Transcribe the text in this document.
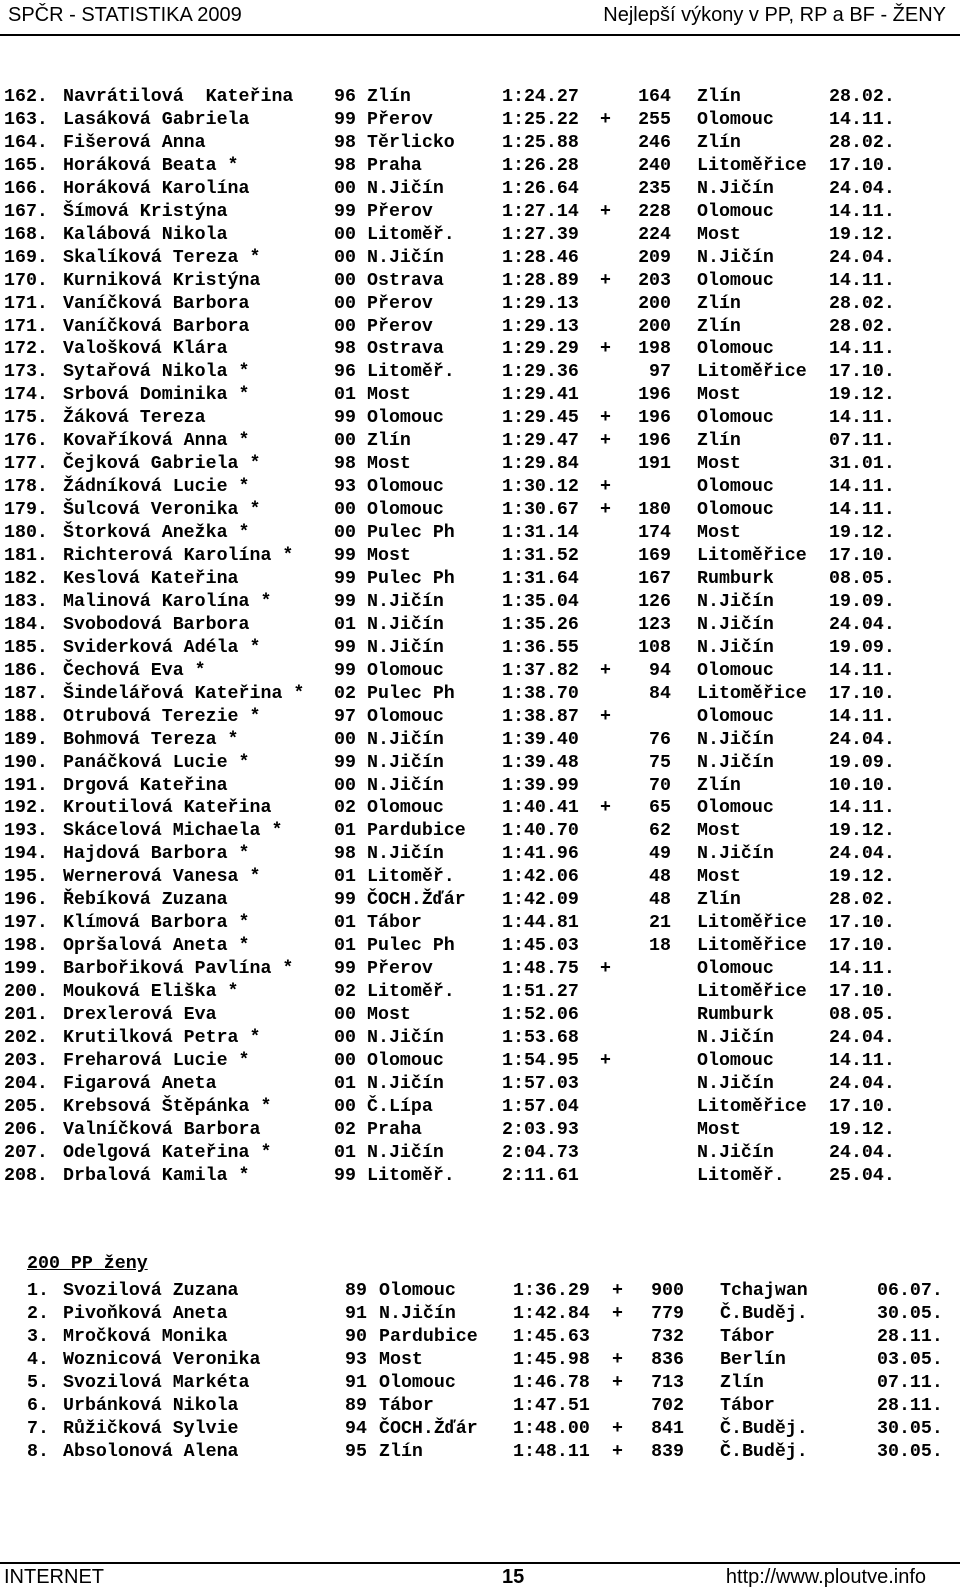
SPČR - STATISTIKA 2009	Nejlepší výkony v PP, RP a BF - ŽENY
162. Navrátilová  Kateřina 96 Zlín	1:24.27	164 Zlín	28.02.
163. Lasáková Gabriela	99 Přerov	1:25.22 + 255 Olomouc	14.11.
164. Fišerová Anna	98 Těrlicko	1:25.88	246 Zlín	28.02.
165. Horáková Beata *	98 Praha	1:26.28	240 Litoměřice 17.10.
166. Horáková Karolína	00 N.Jičín	1:26.64	235 N.Jičín	24.04.
167. Šímová Kristýna	99 Přerov	1:27.14 + 228 Olomouc	14.11.
168. Kalábová Nikola	00 Litoměř.	1:27.39	224 Most	19.12.
169. Skalíková Tereza *	00 N.Jičín	1:28.46	209 N.Jičín	24.04.
170. Kurniková Kristýna	00 Ostrava	1:28.89 + 203 Olomouc	14.11.
171. Vaníčková Barbora	00 Přerov	1:29.13	200 Zlín	28.02.
171. Vaníčková Barbora	00 Přerov	1:29.13	200 Zlín	28.02.
172. Valošková Klára	98 Ostrava	1:29.29 + 198 Olomouc	14.11.
173. Sytařová Nikola *	96 Litoměř.	1:29.36	97 Litoměřice 17.10.
174. Srbová Dominika *	01 Most	1:29.41	196 Most	19.12.
175. Žáková Tereza	99 Olomouc	1:29.45 + 196 Olomouc	14.11.
176. Kovaříková Anna *	00 Zlín	1:29.47 + 196 Zlín	07.11.
177. Čejková Gabriela *	98 Most	1:29.84	191 Most	31.01.
178. Žádníková Lucie *	93 Olomouc	1:30.12 +	Olomouc	14.11.
179. Šulcová Veronika *	00 Olomouc	1:30.67 + 180 Olomouc	14.11.
180. Štorková Anežka *	00 Pulec Ph	1:31.14	174 Most	19.12.
181. Richterová Karolína * 99 Most	1:31.52	169 Litoměřice 17.10.
182. Keslová Kateřina	99 Pulec Ph	1:31.64	167 Rumburk	08.05.
183. Malinová Karolína *	99 N.Jičín	1:35.04	126 N.Jičín	19.09.
184. Svobodová Barbora	01 N.Jičín	1:35.26	123 N.Jičín	24.04.
185. Sviderková Adéla *	99 N.Jičín	1:36.55	108 N.Jičín	19.09.
186. Čechová Eva *	99 Olomouc	1:37.82 + 94 Olomouc	14.11.
187. Šindelářová Kateřina * 02 Pulec Ph	1:38.70	84 Litoměřice 17.10.
188. Otrubová Terezie *	97 Olomouc	1:38.87 +	Olomouc	14.11.
189. Bohmová Tereza *	00 N.Jičín	1:39.40	76 N.Jičín	24.04.
190. Panáčková Lucie *	99 N.Jičín	1:39.48	75 N.Jičín	19.09.
191. Drgová Kateřina	00 N.Jičín	1:39.99	70 Zlín	10.10.
192. Kroutilová Kateřina	02 Olomouc	1:40.41 + 65 Olomouc	14.11.
193. Skácelová Michaela *	01 Pardubice 1:40.70	62 Most	19.12.
194. Hajdová Barbora *	98 N.Jičín	1:41.96	49 N.Jičín	24.04.
195. Wernerová Vanesa *	01 Litoměř.	1:42.06	48 Most	19.12.
196. Řebíková Zuzana	99 ČOCH.Žďár 1:42.09	48 Zlín	28.02.
197. Klímová Barbora *	01 Tábor	1:44.81	21 Litoměřice 17.10.
198. Opršalová Aneta *	01 Pulec Ph	1:45.03	18 Litoměřice 17.10.
199. Barbořiková Pavlína * 99 Přerov	1:48.75 +	Olomouc	14.11.
200. Mouková Eliška *	02 Litoměř.	1:51.27	Litoměřice 17.10.
201. Drexlerová Eva	00 Most	1:52.06	Rumburk	08.05.
202. Krutilková Petra *	00 N.Jičín	1:53.68	N.Jičín	24.04.
203. Freharová Lucie *	00 Olomouc	1:54.95 +	Olomouc	14.11.
204. Figarová Aneta	01 N.Jičín	1:57.03	N.Jičín	24.04.
205. Krebsová Štěpánka *	00 Č.Lípa	1:57.04	Litoměřice 17.10.
206. Valníčková Barbora	02 Praha	2:03.93	Most	19.12.
207. Odelgová Kateřina *	01 N.Jičín	2:04.73	N.Jičín	24.04.
208. Drbalová Kamila *	99 Litoměř.	2:11.61	Litoměř. 25.04.
200 PP ženy
1. Svozilová Zuzana	89 Olomouc	1:36.29 + 900 Tchajwan	06.07.
2. Pivoňková Aneta	91 N.Jičín	1:42.84 + 779 Č.Buděj.	30.05.
3. Mročková Monika	90 Pardubice 1:45.63	732 Tábor	28.11.
4. Woznicová Veronika	93 Most	1:45.98 + 836 Berlín	03.05.
5. Svozilová Markéta	91 Olomouc	1:46.78 + 713 Zlín	07.11.
6. Urbánková Nikola	89 Tábor	1:47.51	702 Tábor	28.11.
7. Růžičková Sylvie	94 ČOCH.Žďár 1:48.00 + 841 Č.Buděj.	30.05.
8. Absolonová Alena	95 Zlín	1:48.11 + 839 Č.Buděj.	30.05.
INTERNET	15	http://www.ploutve.info
